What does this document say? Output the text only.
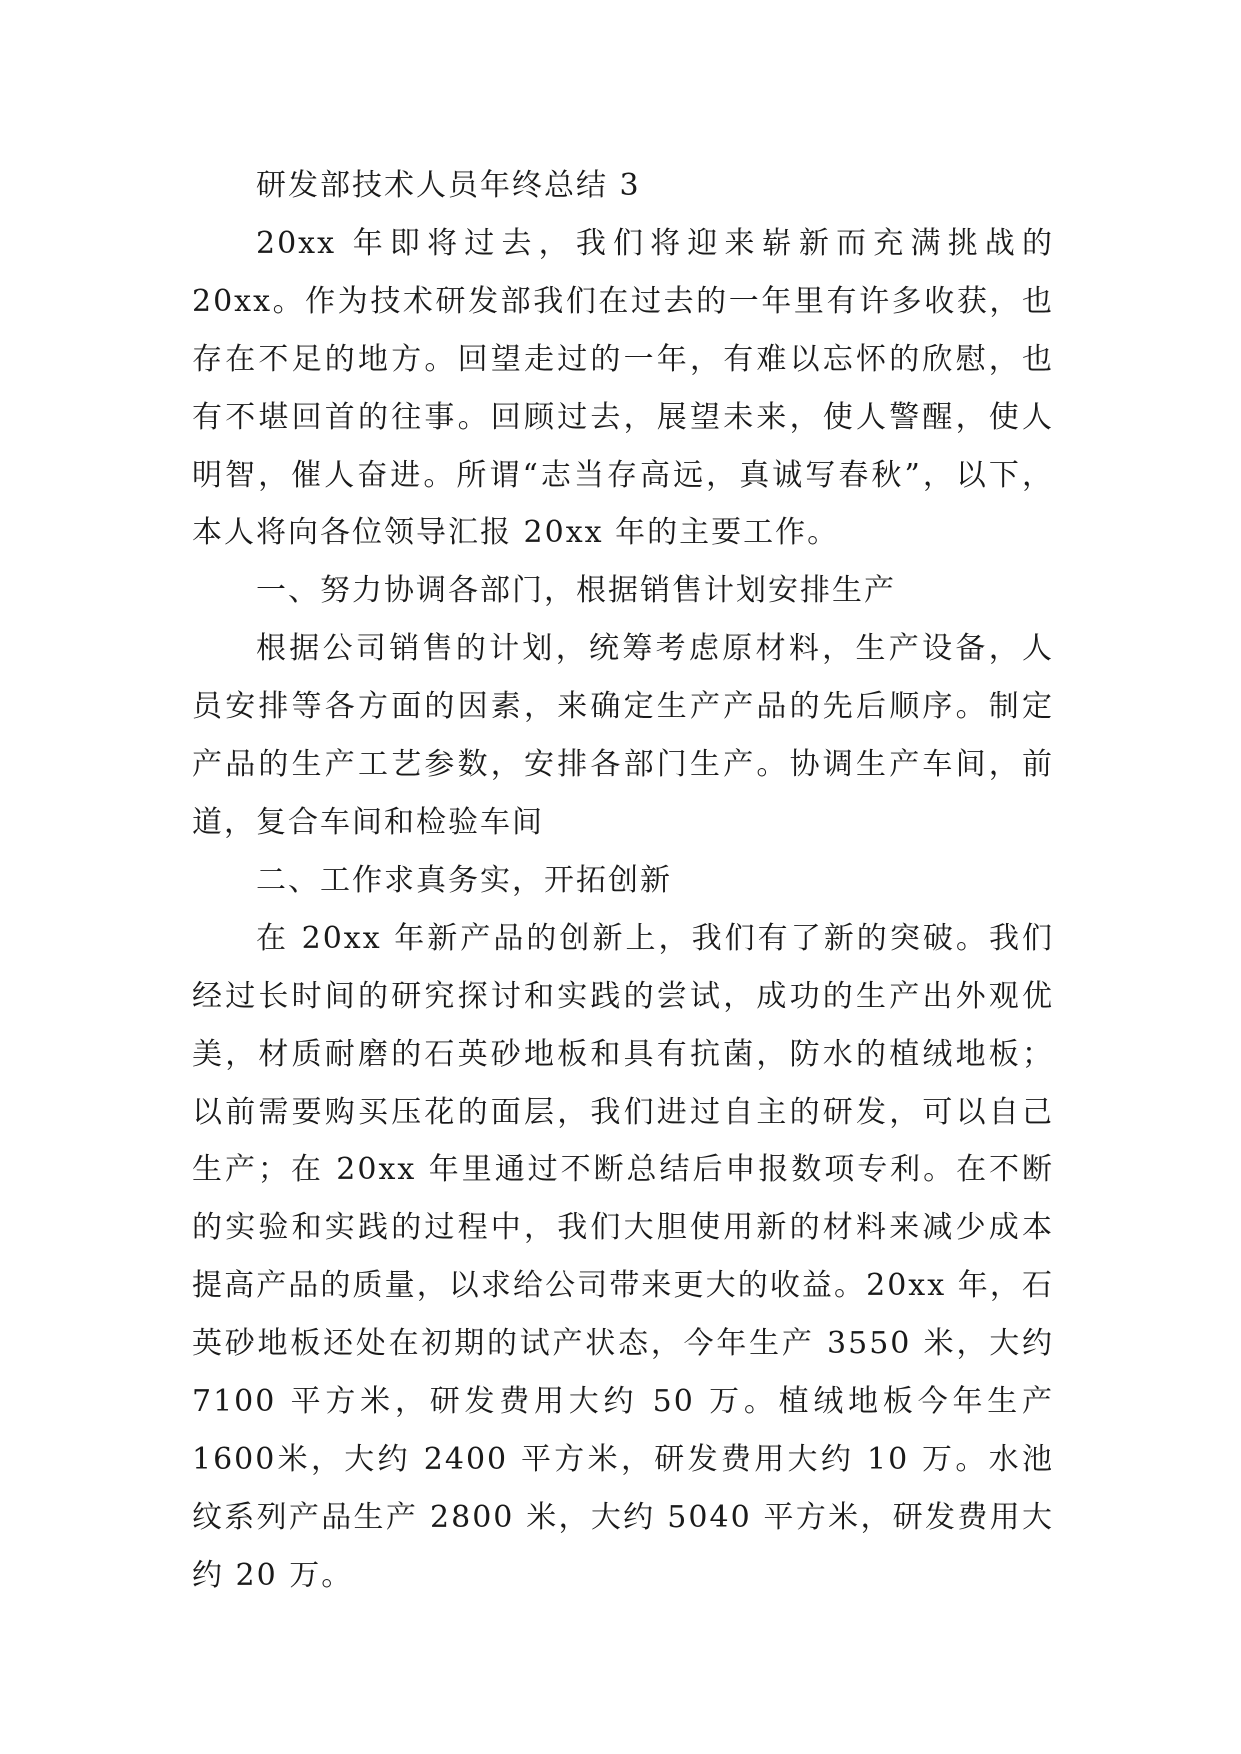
研发部技术人员年终总结 3

20xx 年即将过去，我们将迎来崭新而充满挑战的 20xx。作为技术研发部我们在过去的一年里有许多收获，也存在不足的地方。回望走过的一年，有难以忘怀的欣慰，也有不堪回首的往事。回顾过去，展望未来，使人警醒，使人明智，催人奋进。所谓“志当存高远，真诚写春秋”，以下，本人将向各位领导汇报 20xx 年的主要工作。

一、努力协调各部门，根据销售计划安排生产

根据公司销售的计划，统筹考虑原材料，生产设备，人员安排等各方面的因素，来确定生产产品的先后顺序。制定产品的生产工艺参数，安排各部门生产。协调生产车间，前道，复合车间和检验车间

二、工作求真务实，开拓创新

在 20xx 年新产品的创新上，我们有了新的突破。我们经过长时间的研究探讨和实践的尝试，成功的生产出外观优美，材质耐磨的石英砂地板和具有抗菌，防水的植绒地板；以前需要购买压花的面层，我们进过自主的研发，可以自己生产；在 20xx 年里通过不断总结后申报数项专利。在不断的实验和实践的过程中，我们大胆使用新的材料来减少成本提高产品的质量，以求给公司带来更大的收益。20xx 年，石英砂地板还处在初期的试产状态，今年生产 3550 米，大约7100 平方米，研发费用大约 50 万。植绒地板今年生产 1600米，大约 2400 平方米，研发费用大约 10 万。水池纹系列产品生产 2800 米，大约 5040 平方米，研发费用大约 20 万。
